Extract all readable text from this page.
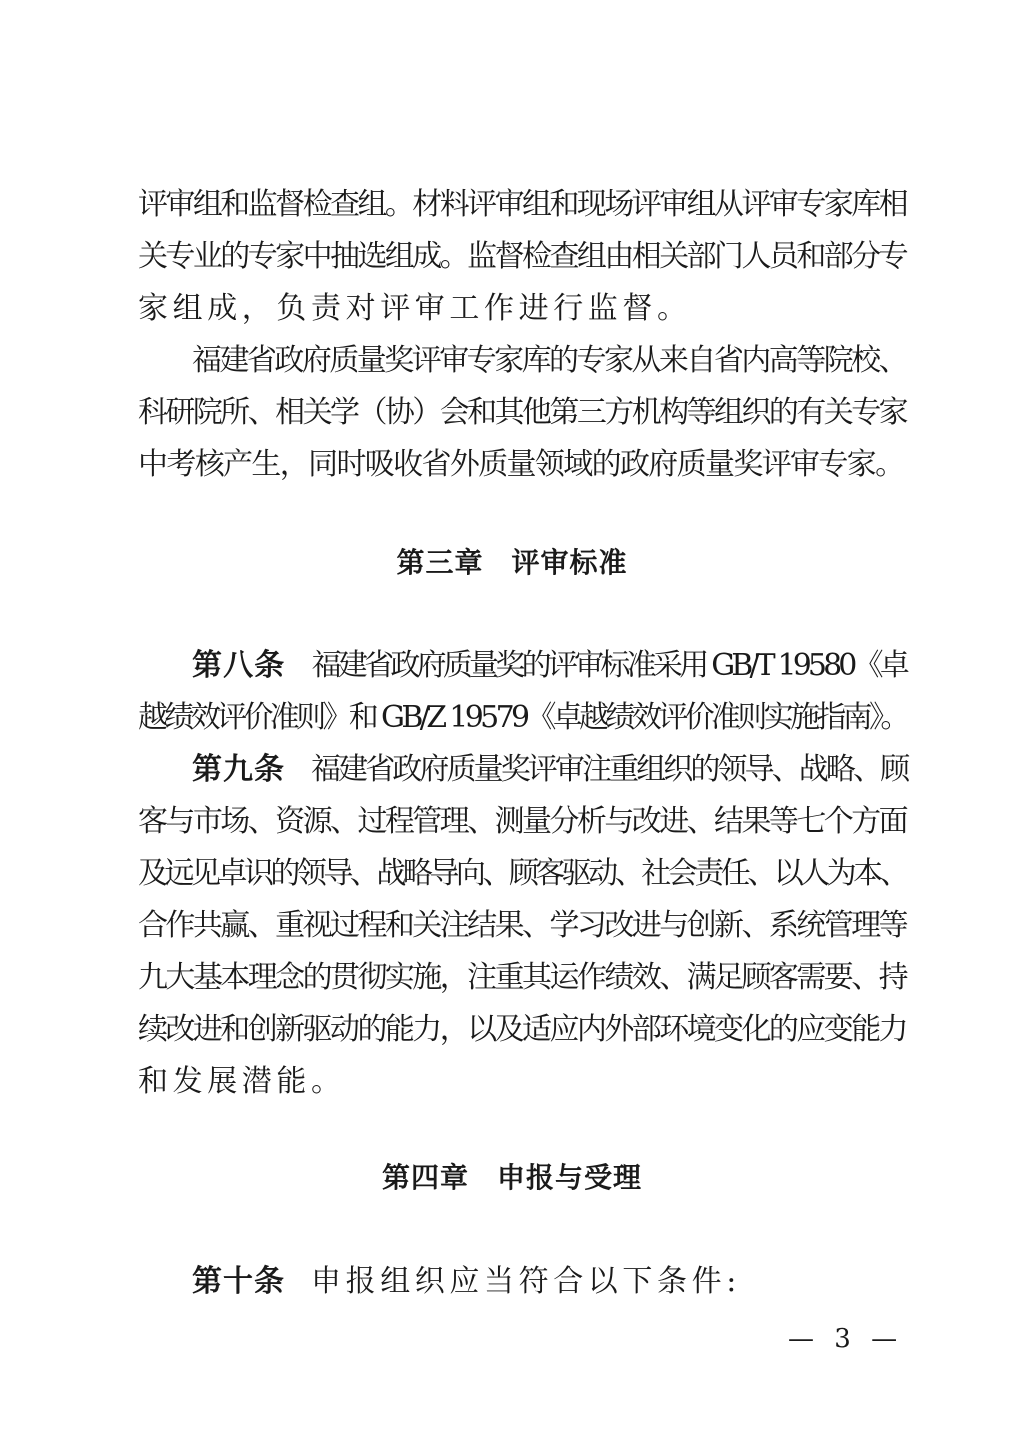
评审组和监督检查组。材料评审组和现场评审组从评审专家库相
关专业的专家中抽选组成。监督检查组由相关部门人员和部分专
家组成，负责对评审工作进行监督。
福建省政府质量奖评审专家库的专家从来自省内高等院校、
科研院所、相关学（协）会和其他第三方机构等组织的有关专家
中考核产生，同时吸收省外质量领域的政府质量奖评审专家。
第三章 评审标准
第八条 福建省政府质量奖的评审标准采用 GB/T 19580《卓
越绩效评价准则》和 GB/Z 19579《卓越绩效评价准则实施指南》。
第九条 福建省政府质量奖评审注重组织的领导、战略、顾
客与市场、资源、过程管理、测量分析与改进、结果等七个方面
及远见卓识的领导、战略导向、顾客驱动、社会责任、以人为本、
合作共赢、重视过程和关注结果、学习改进与创新、系统管理等
九大基本理念的贯彻实施，注重其运作绩效、满足顾客需要、持
续改进和创新驱动的能力，以及适应内外部环境变化的应变能力
和发展潜能。
第四章 申报与受理
第十条 申报组织应当符合以下条件:
— 3 —
